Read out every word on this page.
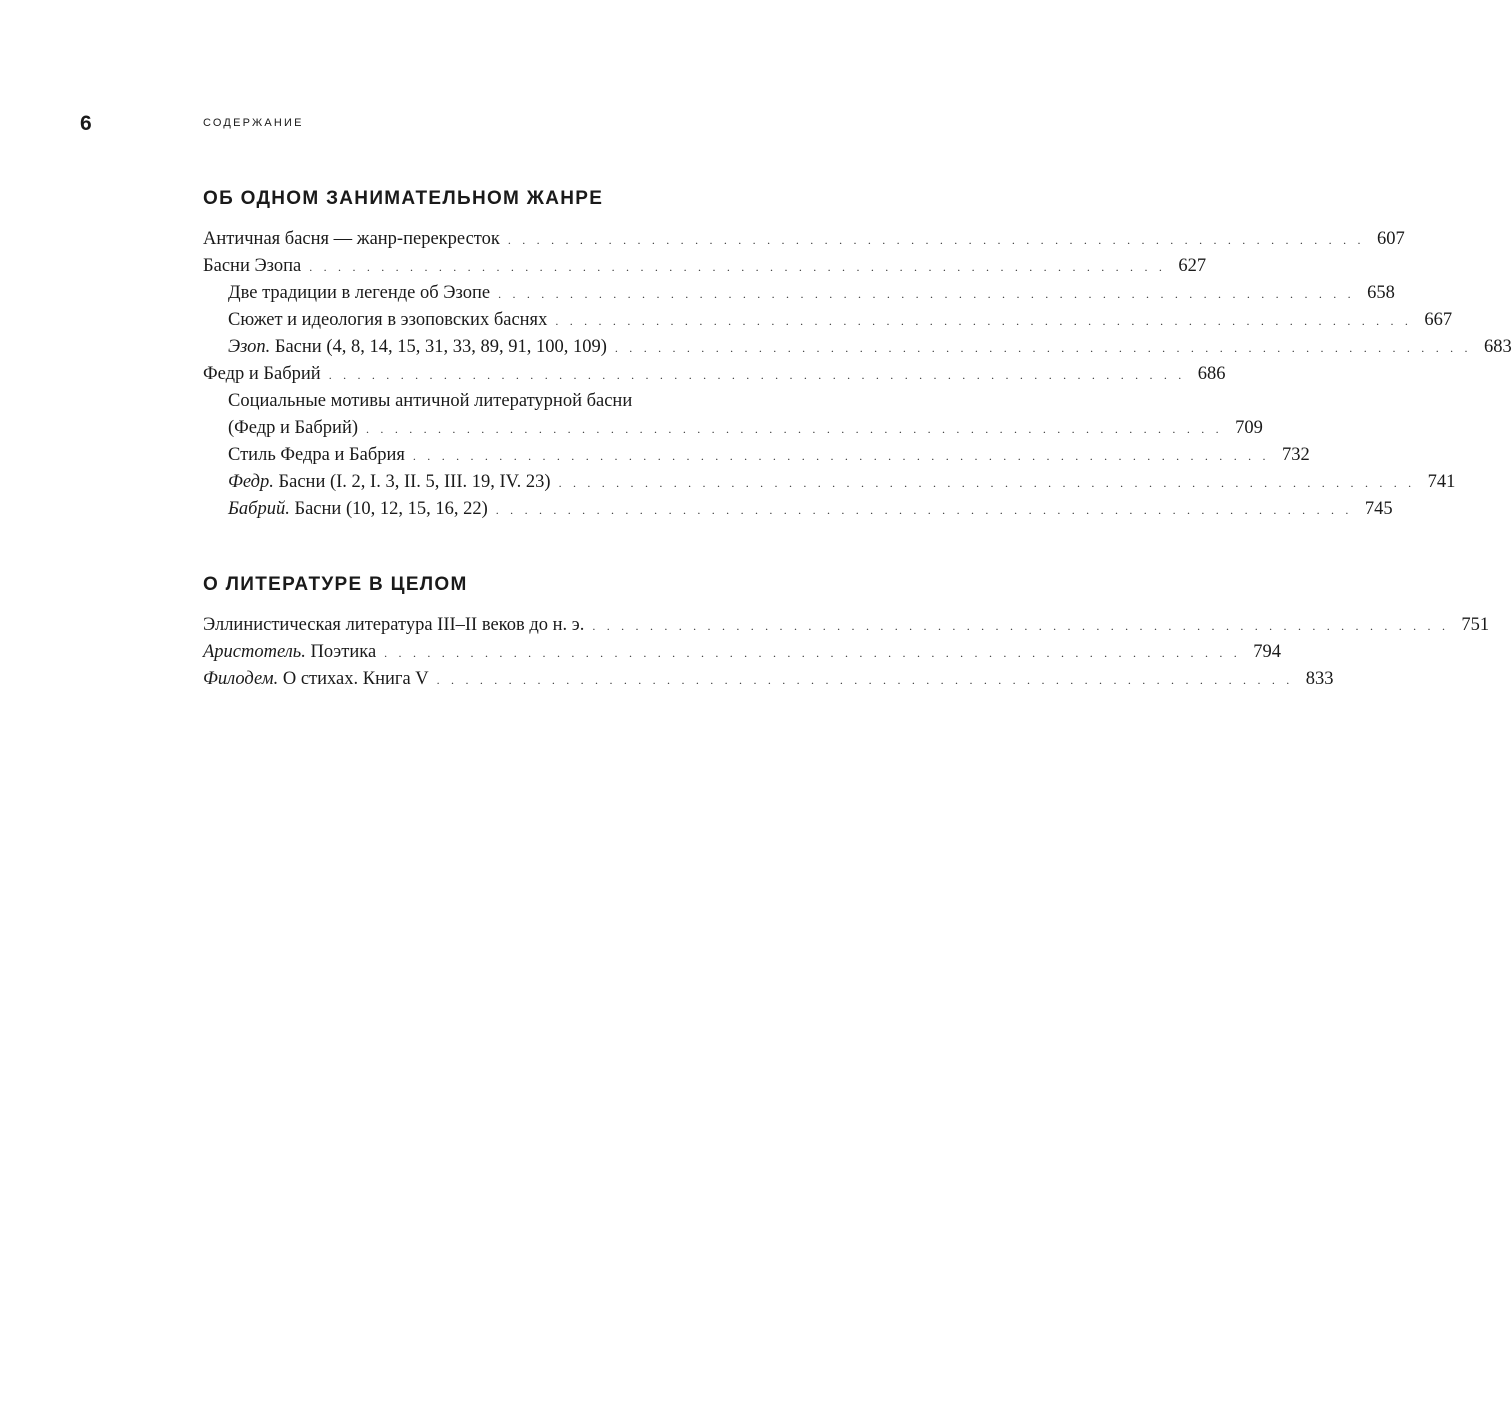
6	СОДЕРЖАНИЕ
ОБ ОДНОМ ЗАНИМАТЕЛЬНОМ ЖАНРЕ
Античная басня — жанр-перекресток . . . . . . . . . . . . . . . . . . . . . . . . . . . . . . . . . . . . . . . . . . . . . . . . . . . . . . . . . . . . 607
Басни Эзопа . . . . . . . . . . . . . . . . . . . . . . . . . . . . . . . . . . . . . . . . . . . . . . . . . . . . . . . . . . . . 627
Две традиции в легенде об Эзопе . . . . . . . . . . . . . . . . . . . . . . . . . . . . . . . . . . . . . . . . . . . . . . . . . . . . . . . . . . . . 658
Сюжет и идеология в эзоповских баснях . . . . . . . . . . . . . . . . . . . . . . . . . . . . . . . . . . . . . . . . . . . . . . . . . . . . . . . . . . . . 667
Эзоп. Басни (4, 8, 14, 15, 31, 33, 89, 91, 100, 109) . . . . . . . . . . . . . . . . . . . . . . . . . . . . . . . . . . . . . . . . . . . . . . . . . . . . . . . . . . . . 683
Федр и Бабрий . . . . . . . . . . . . . . . . . . . . . . . . . . . . . . . . . . . . . . . . . . . . . . . . . . . . . . . . . . . . 686
Социальные мотивы античной литературной басни
(Федр и Бабрий) . . . . . . . . . . . . . . . . . . . . . . . . . . . . . . . . . . . . . . . . . . . . . . . . . . . . . . . . . . . . 709
Стиль Федра и Бабрия . . . . . . . . . . . . . . . . . . . . . . . . . . . . . . . . . . . . . . . . . . . . . . . . . . . . . . . . . . . . 732
Федр. Басни (I. 2, I. 3, II. 5, III. 19, IV. 23) . . . . . . . . . . . . . . . . . . . . . . . . . . . . . . . . . . . . . . . . . . . . . . . . . . . . . . . . . . . . 741
Бабрий. Басни (10, 12, 15, 16, 22) . . . . . . . . . . . . . . . . . . . . . . . . . . . . . . . . . . . . . . . . . . . . . . . . . . . . . . . . . . . . 745
О ЛИТЕРАТУРЕ В ЦЕЛОМ
Эллинистическая литература III–II веков до н. э. . . . . . . . . . . . . . . . . . . . . . . . . . . . . . . . . . . . . . . . . . . . . . . . . . . . . . . . . . . . . 751
Аристотель. Поэтика . . . . . . . . . . . . . . . . . . . . . . . . . . . . . . . . . . . . . . . . . . . . . . . . . . . . . . . . . . . . 794
Филодем. О стихах. Книга V . . . . . . . . . . . . . . . . . . . . . . . . . . . . . . . . . . . . . . . . . . . . . . . . . . . . . . . . . . . . 833
